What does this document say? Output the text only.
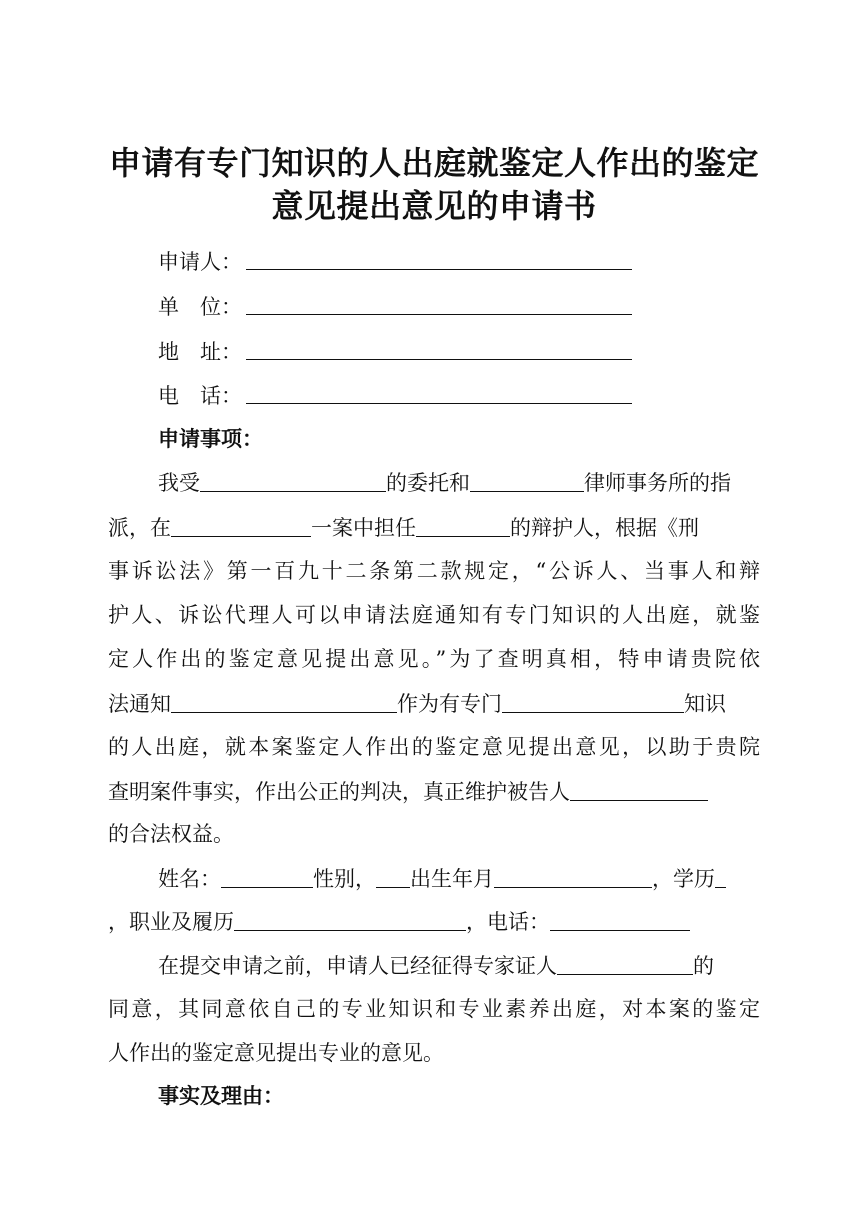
申请有专门知识的人出庭就鉴定人作出的鉴定
意见提出意见的申请书
申请人：
单　位：
地　址：
电　话：
申请事项：
我受	的委托和	律师事务所的指
派，在	一案中担任	的辩护人，根据《刑
事诉讼法》第一百九十二条第二款规定，“公诉人、当事人和辩
护人、诉讼代理人可以申请法庭通知有专门知识的人出庭，就鉴
定人作出的鉴定意见提出意见。”为了查明真相，特申请贵院依
法通知	作为有专门	知识
的人出庭，就本案鉴定人作出的鉴定意见提出意见，以助于贵院
查明案件事实，作出公正的判决，真正维护被告人
的合法权益。
姓名：	性别， 出生年月	，学历
，职业及履历	，电话：
在提交申请之前，申请人已经征得专家证人	的
同意，其同意依自己的专业知识和专业素养出庭，对本案的鉴定
人作出的鉴定意见提出专业的意见。
事实及理由：
